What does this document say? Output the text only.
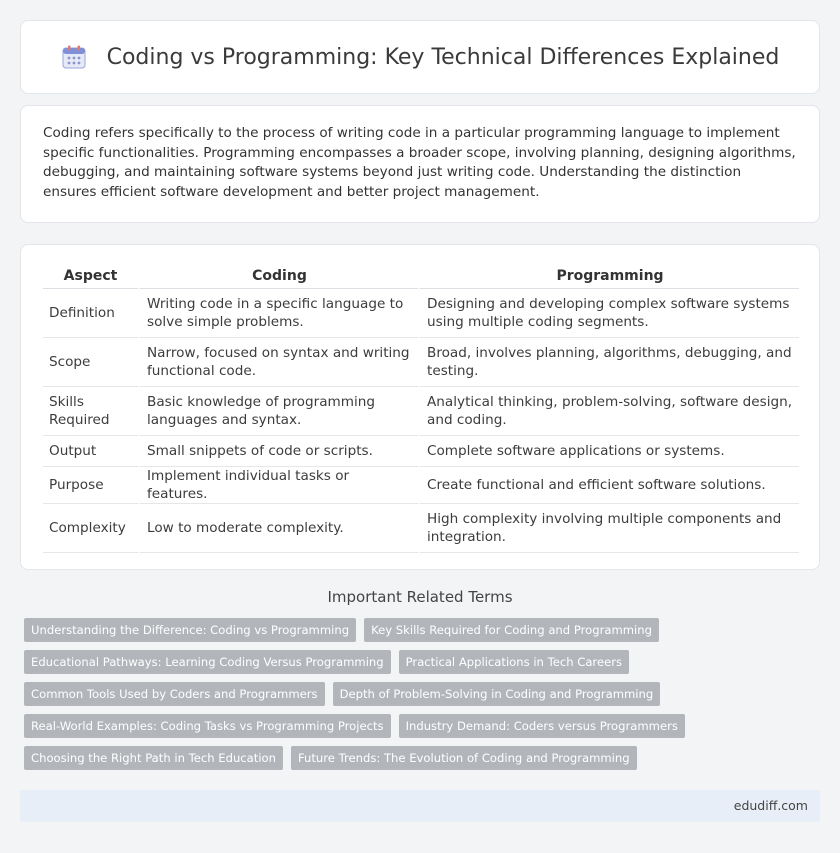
Coding vs Programming: Key Technical Differences Explained

Coding refers specifically to the process of writing code in a particular programming language to implement specific functionalities. Programming encompasses a broader scope, involving planning, designing algorithms, debugging, and maintaining software systems beyond just writing code. Understanding the distinction ensures efficient software development and better project management.

Aspect	Coding	Programming
Definition	Writing code in a specific language to solve simple problems.	Designing and developing complex software systems using multiple coding segments.
Scope	Narrow, focused on syntax and writing functional code.	Broad, involves planning, algorithms, debugging, and testing.
Skills Required	Basic knowledge of programming languages and syntax.	Analytical thinking, problem-solving, software design, and coding.
Output	Small snippets of code or scripts.	Complete software applications or systems.
Purpose	Implement individual tasks or features.	Create functional and efficient software solutions.
Complexity	Low to moderate complexity.	High complexity involving multiple components and integration.
Important Related Terms
Understanding the Difference: Coding vs Programming	Key Skills Required for Coding and Programming
Educational Pathways: Learning Coding Versus Programming	Practical Applications in Tech Careers
Common Tools Used by Coders and Programmers	Depth of Problem-Solving in Coding and Programming
Real-World Examples: Coding Tasks vs Programming Projects	Industry Demand: Coders versus Programmers
Choosing the Right Path in Tech Education	Future Trends: The Evolution of Coding and Programming
edudiff.com
